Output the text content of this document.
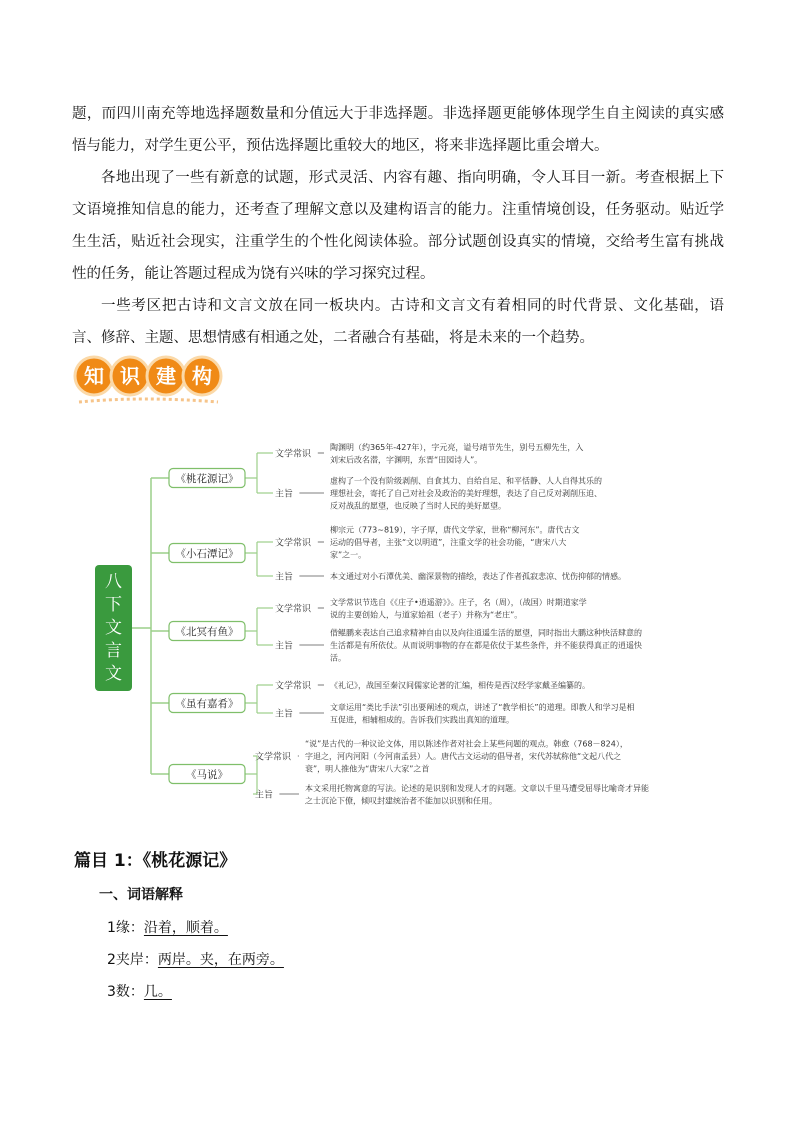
题，而四川南充等地选择题数量和分值远大于非选择题。非选择题更能够体现学生自主阅读的真实感悟与能力，对学生更公平，预估选择题比重较大的地区，将来非选择题比重会增大。

各地出现了一些有新意的试题，形式灵活、内容有趣、指向明确，令人耳目一新。考查根据上下文语境推知信息的能力，还考查了理解文意以及建构语言的能力。注重情境创设，任务驱动。贴近学生生活，贴近社会现实，注重学生的个性化阅读体验。部分试题创设真实的情境，交给考生富有挑战性的任务，能让答题过程成为饶有兴味的学习探究过程。

一些考区把古诗和文言文放在同一板块内。古诗和文言文有着相同的时代背景、文化基础，语言、修辞、主题、思想情感有相通之处，二者融合有基础，将是未来的一个趋势。

知 识 建 构
八
下
文
言
文
《桃花源记》
文学常识
陶渊明（约365年-427年），字元亮，谥号靖节先生，别号五柳先生，入
刘宋后改名潜，字渊明，东晋“田园诗人”。
主旨
虚构了一个没有阶级剥削、自食其力、自给自足、和平恬静、人人自得其乐的
理想社会，寄托了自己对社会及政治的美好理想，表达了自己反对剥削压迫、
反对战乱的愿望，也反映了当时人民的美好愿望。
《小石潭记》
文学常识
柳宗元（773~819），字子厚，唐代文学家，世称“柳河东”。唐代古文
运动的倡导者，主张“文以明道”，注重文学的社会功能，“唐宋八大
家”之一。
主旨	本文通过对小石潭优美、幽深景物的描绘，表达了作者孤寂悲凉、忧伤抑郁的情感。
《北冥有鱼》
文学常识
文学常识节选自《《庄子•逍遥游》》。庄子，名（周），（战国）时期道家学
说的主要创始人，与道家始祖（老子）并称为“老庄”。
主旨
借鲲鹏来表达自己追求精神自由以及向往逍遥生活的愿望，同时指出大鹏这种快活肆意的
生活都是有所依仗。从而说明事物的存在都是依仗于某些条件，并不能获得真正的逍遥快
活。
《虽有嘉肴》
文学常识 《礼记》，战国至秦汉间儒家论著的汇编，相传是西汉经学家戴圣编纂的。
主旨
文章运用“类比手法”引出要阐述的观点，讲述了“教学相长”的道理。即教人和学习是相
互促进，相辅相成的。告诉我们实践出真知的道理。
《马说》
文学常识
“说”是古代的一种议论文体，用以陈述作者对社会上某些问题的观点。韩愈（768－824），
字退之，河内河阳（今河南孟县）人。唐代古文运动的倡导者，宋代苏轼称他“文起八代之
衰”，明人推他为“唐宋八大家”之首
主旨
本文采用托物寓意的写法。论述的是识别和发现人才的问题。文章以千里马遭受屈辱比喻奇才异能
之士沉沦下僚，倾叹封建统治者不能加以识别和任用。

篇目 1：《桃花源记》

一、词语解释

1缘：沿着，顺着。

2夹岸：两岸。夹，在两旁。

3数：几。
